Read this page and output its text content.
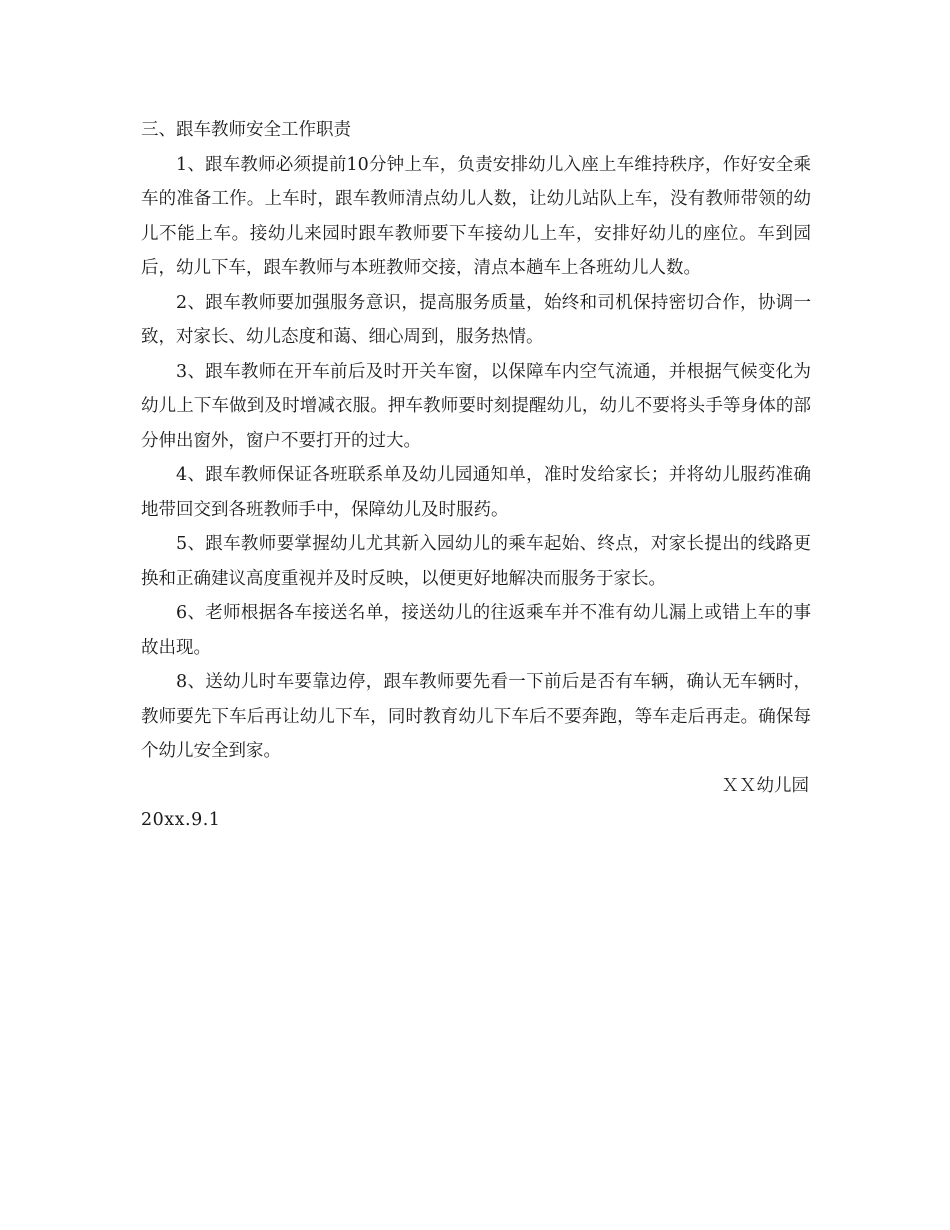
三、跟车教师安全工作职责

1、跟车教师必须提前10分钟上车，负责安排幼儿入座上车维持秩序，作好安全乘车的准备工作。上车时，跟车教师清点幼儿人数，让幼儿站队上车，没有教师带领的幼儿不能上车。接幼儿来园时跟车教师要下车接幼儿上车，安排好幼儿的座位。车到园后，幼儿下车，跟车教师与本班教师交接，清点本趟车上各班幼儿人数。

2、跟车教师要加强服务意识，提高服务质量，始终和司机保持密切合作，协调一致，对家长、幼儿态度和蔼、细心周到，服务热情。

3、跟车教师在开车前后及时开关车窗，以保障车内空气流通，并根据气候变化为幼儿上下车做到及时增减衣服。押车教师要时刻提醒幼儿，幼儿不要将头手等身体的部分伸出窗外，窗户不要打开的过大。

4、跟车教师保证各班联系单及幼儿园通知单，准时发给家长；并将幼儿服药准确地带回交到各班教师手中，保障幼儿及时服药。

5、跟车教师要掌握幼儿尤其新入园幼儿的乘车起始、终点，对家长提出的线路更换和正确建议高度重视并及时反映，以便更好地解决而服务于家长。

6、老师根据各车接送名单，接送幼儿的往返乘车并不准有幼儿漏上或错上车的事故出现。

8、送幼儿时车要靠边停，跟车教师要先看一下前后是否有车辆，确认无车辆时，教师要先下车后再让幼儿下车，同时教育幼儿下车后不要奔跑，等车走后再走。确保每个幼儿安全到家。

ＸＸ幼儿园

20xx.9.1
